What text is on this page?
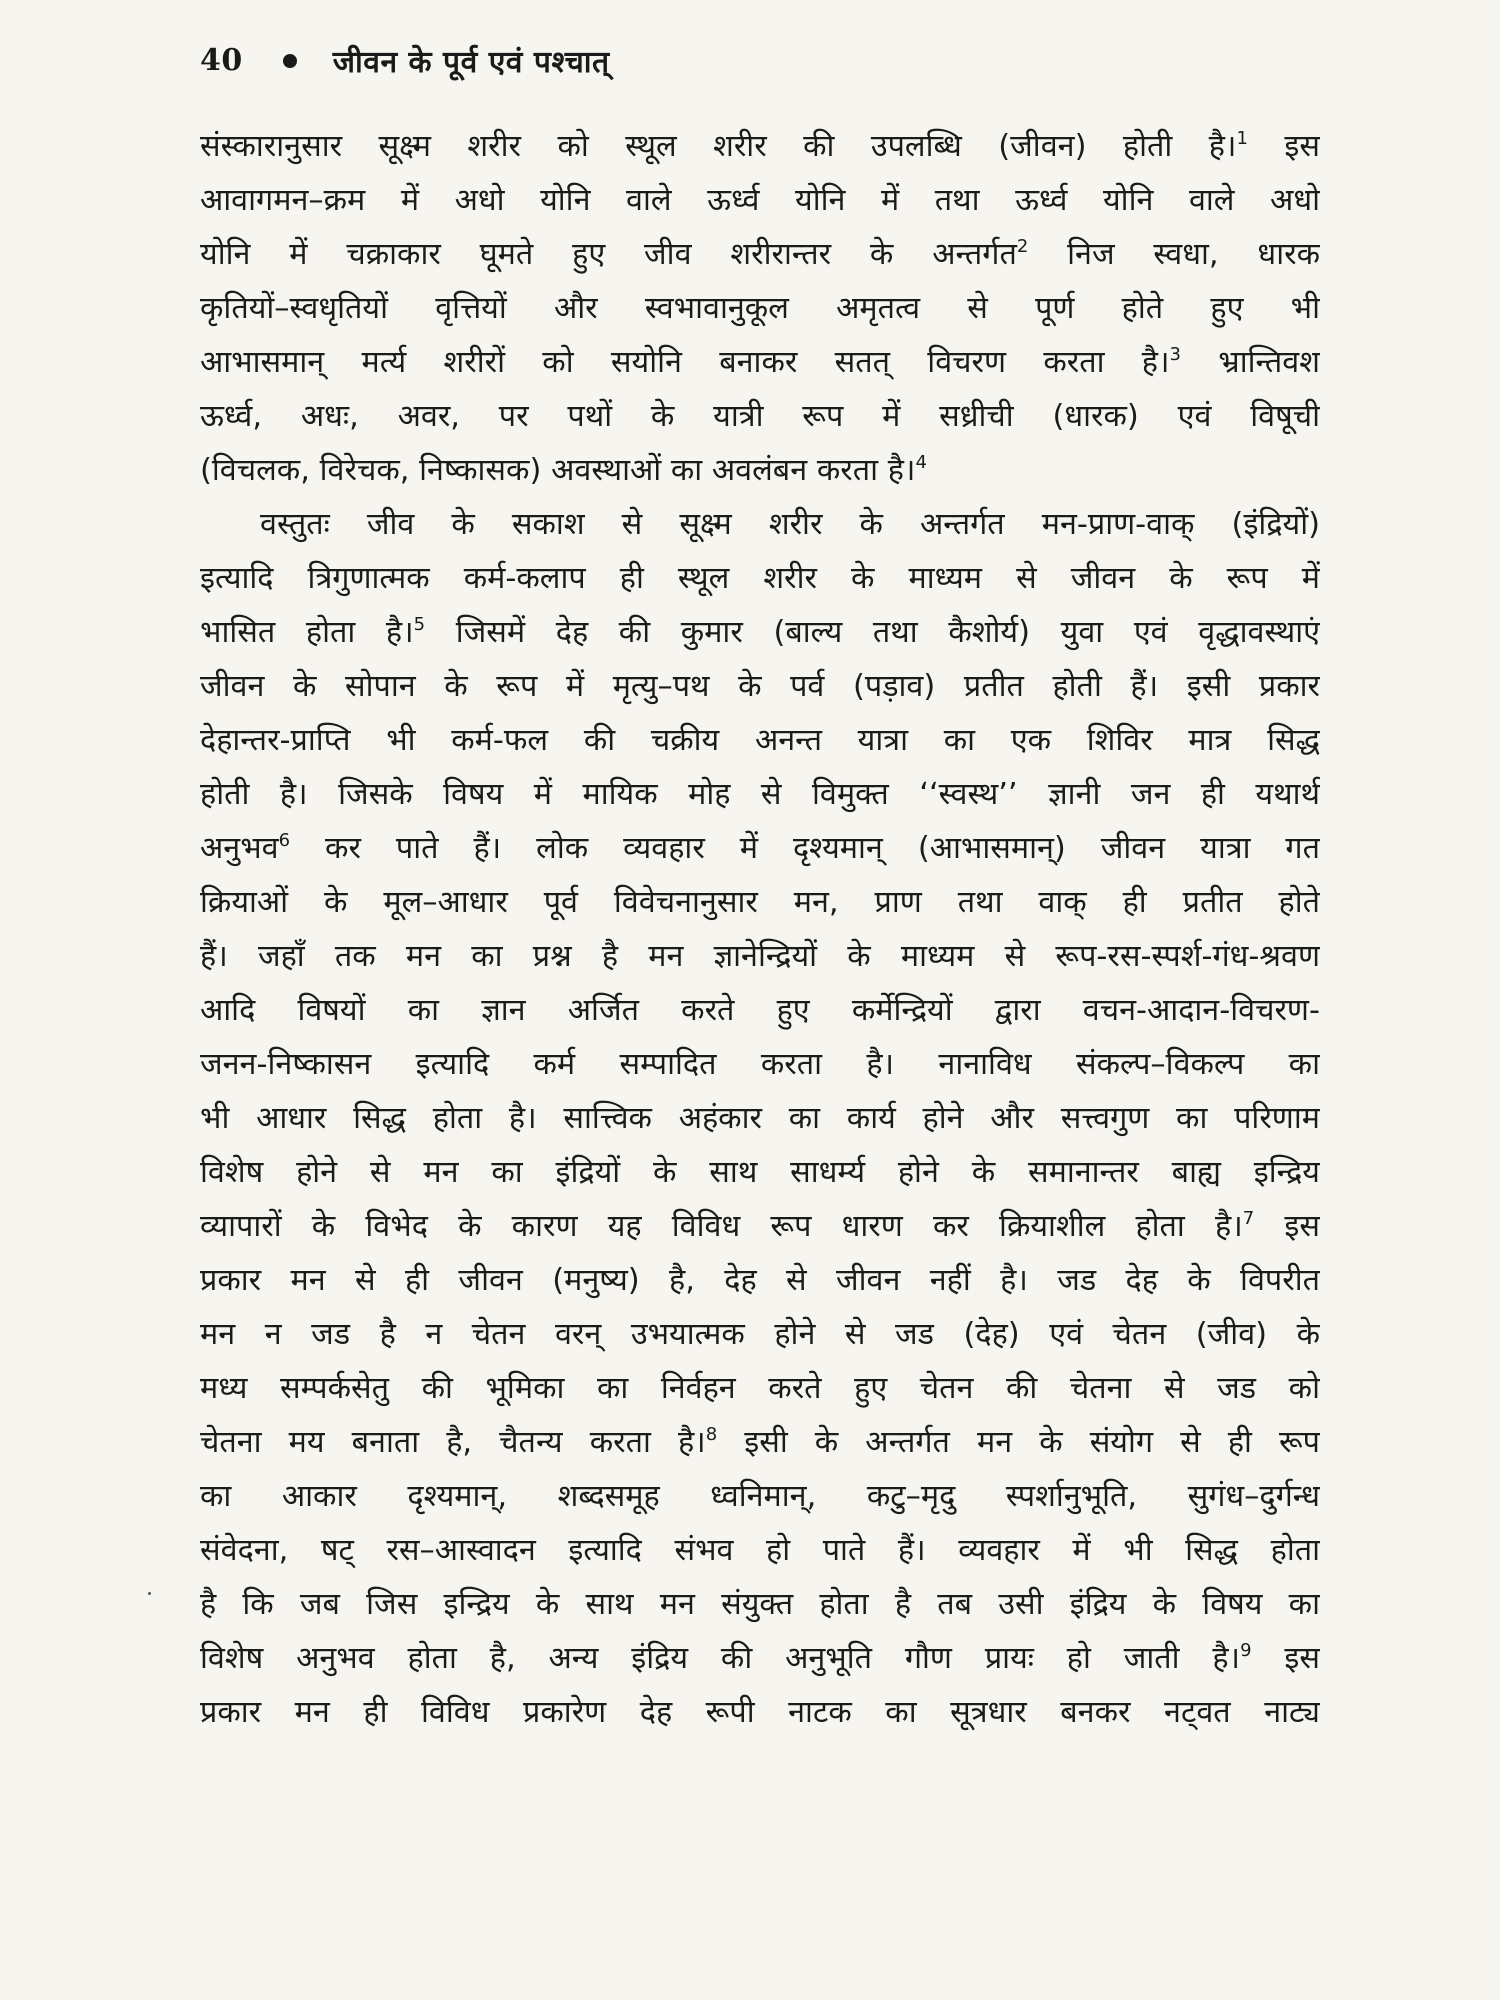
40	जीवन के पूर्व एवं पश्चात्
संस्कारानुसार सूक्ष्म शरीर को स्थूल शरीर की उपलब्धि (जीवन) होती है।$^1$ इस
आवागमन–क्रम में अधो योनि वाले ऊर्ध्व योनि में तथा ऊर्ध्व योनि वाले अधो
योनि में चक्राकार घूमते हुए जीव शरीरान्तर के अन्तर्गत$^2$ निज स्वधा, धारक
कृतियों–स्वधृतियों वृत्तियों और स्वभावानुकूल अमृतत्व से पूर्ण होते हुए भी
आभासमान् मर्त्य शरीरों को सयोनि बनाकर सतत् विचरण करता है।$^3$ भ्रान्तिवश
ऊर्ध्व, अधः, अवर, पर पथों के यात्री रूप में सध्रीची (धारक) एवं विषूची
(विचलक, विरेचक, निष्कासक) अवस्थाओं का अवलंबन करता है।$^4$
वस्तुतः जीव के सकाश से सूक्ष्म शरीर के अन्तर्गत मन-प्राण-वाक् (इंद्रियों)
इत्यादि त्रिगुणात्मक कर्म-कलाप ही स्थूल शरीर के माध्यम से जीवन के रूप में
भासित होता है।$^5$ जिसमें देह की कुमार (बाल्य तथा कैशोर्य) युवा एवं वृद्धावस्थाएं
जीवन के सोपान के रूप में मृत्यु–पथ के पर्व (पड़ाव) प्रतीत होती हैं। इसी प्रकार
देहान्तर-प्राप्ति भी कर्म-फल की चक्रीय अनन्त यात्रा का एक शिविर मात्र सिद्ध
होती है। जिसके विषय में मायिक मोह से विमुक्त ‘‘स्वस्थ’’ ज्ञानी जन ही यथार्थ
अनुभव$^6$ कर पाते हैं। लोक व्यवहार में दृश्यमान् (आभासमान्) जीवन यात्रा गत
क्रियाओं के मूल–आधार पूर्व विवेचनानुसार मन, प्राण तथा वाक् ही प्रतीत होते
हैं। जहाँ तक मन का प्रश्न है मन ज्ञानेन्द्रियों के माध्यम से रूप-रस-स्पर्श-गंध-श्रवण
आदि विषयों का ज्ञान अर्जित करते हुए कर्मेन्द्रियों द्वारा वचन-आदान-विचरण-
जनन-निष्कासन इत्यादि कर्म सम्पादित करता है। नानाविध संकल्प–विकल्प का
भी आधार सिद्ध होता है। सात्त्विक अहंकार का कार्य होने और सत्त्वगुण का परिणाम
विशेष होने से मन का इंद्रियों के साथ साधर्म्य होने के समानान्तर बाह्य इन्द्रिय
व्यापारों के विभेद के कारण यह विविध रूप धारण कर क्रियाशील होता है।$^7$ इस
प्रकार मन से ही जीवन (मनुष्य) है, देह से जीवन नहीं है। जड देह के विपरीत
मन न जड है न चेतन वरन् उभयात्मक होने से जड (देह) एवं चेतन (जीव) के
मध्य सम्पर्कसेतु की भूमिका का निर्वहन करते हुए चेतन की चेतना से जड को
चेतना मय बनाता है, चैतन्य करता है।$^8$ इसी के अन्तर्गत मन के संयोग से ही रूप
का आकार दृश्यमान्, शब्दसमूह ध्वनिमान्, कटु–मृदु स्पर्शानुभूति, सुगंध–दुर्गन्ध
संवेदना, षट् रस–आस्वादन इत्यादि संभव हो पाते हैं। व्यवहार में भी सिद्ध होता
है कि जब जिस इन्द्रिय के साथ मन संयुक्त होता है तब उसी इंद्रिय के विषय का
विशेष अनुभव होता है, अन्य इंद्रिय की अनुभूति गौण प्रायः हो जाती है।$^9$ इस
प्रकार मन ही विविध प्रकारेण देह रूपी नाटक का सूत्रधार बनकर नट्वत नाट्य
